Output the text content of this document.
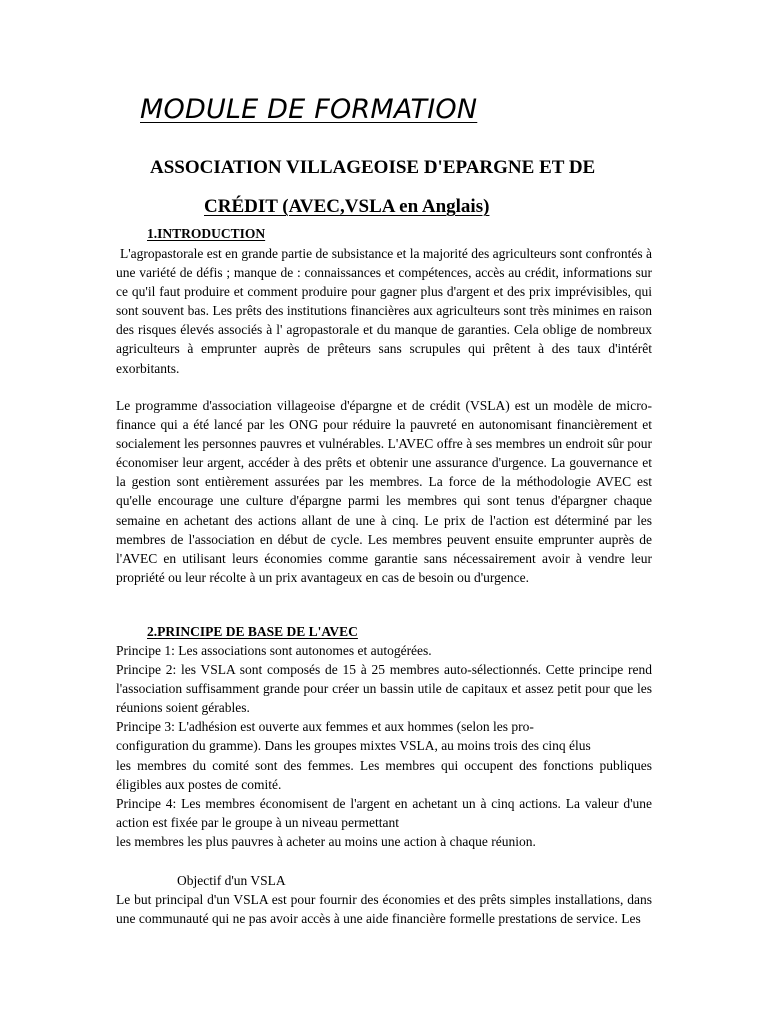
MODULE DE FORMATION
ASSOCIATION VILLAGEOISE D'EPARGNE ET DE
CRÉDIT (AVEC,VSLA en Anglais)
1.INTRODUCTION

L'agropastorale est en grande partie de subsistance et la majorité des agriculteurs sont confrontés à une variété de défis ; manque de : connaissances et compétences, accès au crédit, informations sur ce qu'il faut produire et comment produire pour gagner plus d'argent et des prix imprévisibles, qui sont souvent bas. Les prêts des institutions financières aux agriculteurs sont très minimes en raison des risques élevés associés à l' agropastorale et du manque de garanties. Cela oblige de nombreux agriculteurs à emprunter auprès de prêteurs sans scrupules qui prêtent à des taux d'intérêt exorbitants.

Le programme d'association villageoise d'épargne et de crédit (VSLA) est un modèle de micro-finance qui a été lancé par les ONG pour réduire la pauvreté en autonomisant financièrement et socialement les personnes pauvres et vulnérables. L'AVEC offre à ses membres un endroit sûr pour économiser leur argent, accéder à des prêts et obtenir une assurance d'urgence. La gouvernance et la gestion sont entièrement assurées par les membres. La force de la méthodologie AVEC est qu'elle encourage une culture d'épargne parmi les membres qui sont tenus d'épargner chaque semaine en achetant des actions allant de une à cinq. Le prix de l'action est déterminé par les membres de l'association en début de cycle. Les membres peuvent ensuite emprunter auprès de l'AVEC en utilisant leurs économies comme garantie sans nécessairement avoir à vendre leur propriété ou leur récolte à un prix avantageux en cas de besoin ou d'urgence.

2.PRINCIPE DE BASE DE L'AVEC

Principe 1: Les associations sont autonomes et autogérées.

Principe 2: les VSLA sont composés de 15 à 25 membres auto-sélectionnés. Cette principe rend l'association suffisamment grande pour créer un bassin utile de capitaux et assez petit pour que les réunions soient gérables.

Principe 3: L'adhésion est ouverte aux femmes et aux hommes (selon les pro-

configuration du gramme). Dans les groupes mixtes VSLA, au moins trois des cinq élus

les membres du comité sont des femmes. Les membres qui occupent des fonctions publiques éligibles aux postes de comité.

Principe 4: Les membres économisent de l'argent en achetant un à cinq actions. La valeur d'une action est fixée par le groupe à un niveau permettant

les membres les plus pauvres à acheter au moins une action à chaque réunion.

Objectif d'un VSLA

Le but principal d'un VSLA est pour fournir des économies et des prêts simples installations, dans une communauté qui ne pas avoir accès à une aide financière formelle prestations de service. Les
